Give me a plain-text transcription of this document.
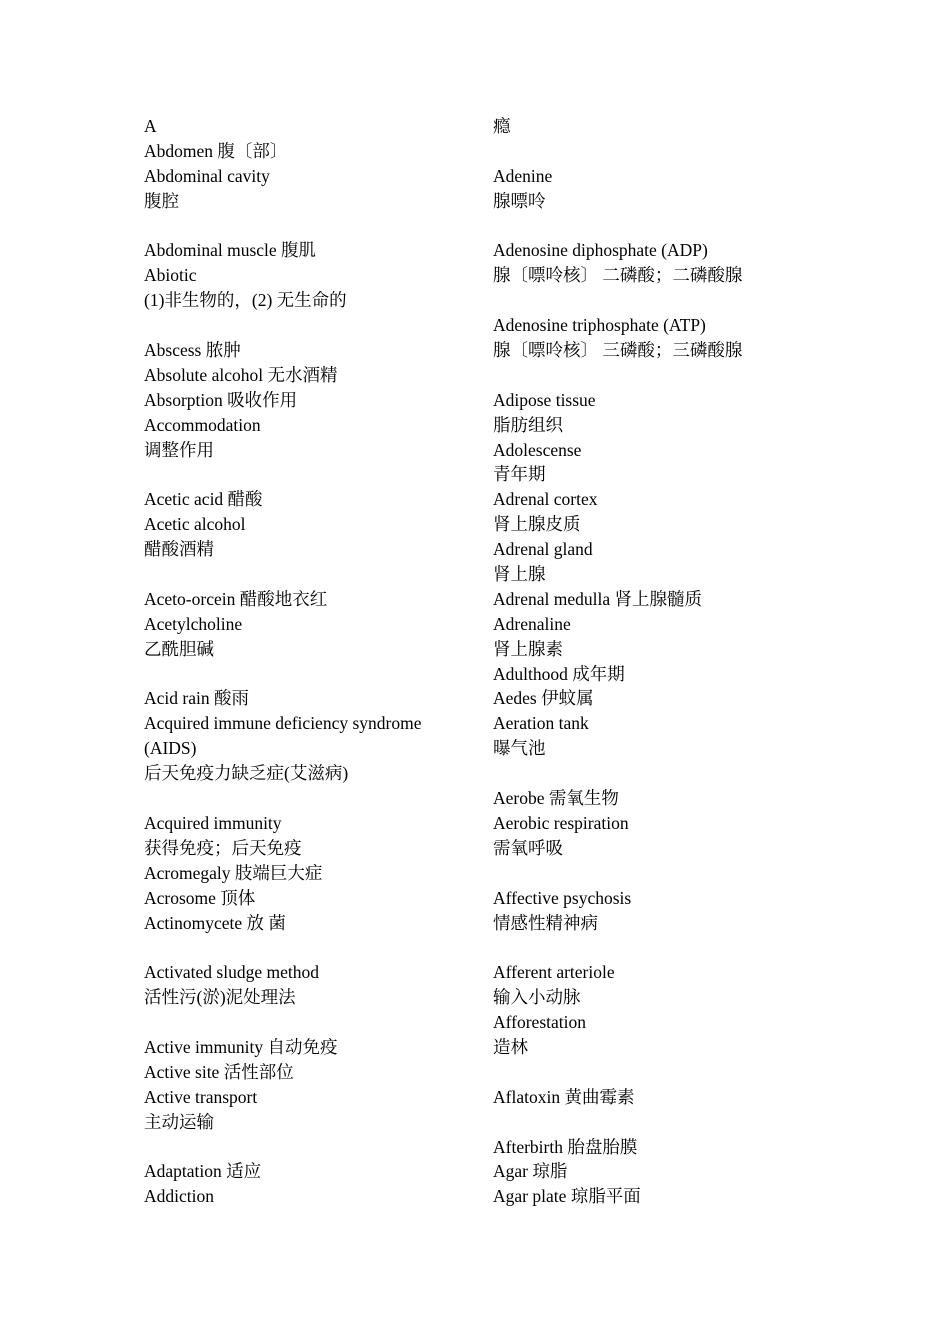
A
Abdomen 腹〔部〕
Abdominal cavity
腹腔
Abdominal muscle 腹肌
Abiotic
(1)非生物的，(2) 无生命的
Abscess 脓肿
Absolute alcohol 无水酒精
Absorption 吸收作用
Accommodation
调整作用
Acetic acid 醋酸
Acetic alcohol
醋酸酒精
Aceto-orcein 醋酸地衣红
Acetylcholine
乙酰胆碱
Acid rain 酸雨
Acquired immune deficiency syndrome
(AIDS)
后天免疫力缺乏症(艾滋病)
Acquired immunity
获得免疫；后天免疫
Acromegaly 肢端巨大症
Acrosome 顶体
Actinomycete 放 菌
Activated sludge method
活性污(淤)泥处理法
Active immunity 自动免疫
Active site 活性部位
Active transport
主动运输
Adaptation 适应
Addiction
瘾
Adenine
腺嘌呤
Adenosine diphosphate (ADP)
腺〔嘌呤核〕 二磷酸；二磷酸腺
Adenosine triphosphate (ATP)
腺〔嘌呤核〕 三磷酸；三磷酸腺
Adipose tissue
脂肪组织
Adolescense
青年期
Adrenal cortex
肾上腺皮质
Adrenal gland
肾上腺
Adrenal medulla 肾上腺髓质
Adrenaline
肾上腺素
Adulthood 成年期
Aedes 伊蚊属
Aeration tank
曝气池
Aerobe 需氧生物
Aerobic respiration
需氧呼吸
Affective psychosis
情感性精神病
Afferent arteriole
输入小动脉
Afforestation
造林
Aflatoxin 黄曲霉素
Afterbirth 胎盘胎膜
Agar 琼脂
Agar plate 琼脂平面
